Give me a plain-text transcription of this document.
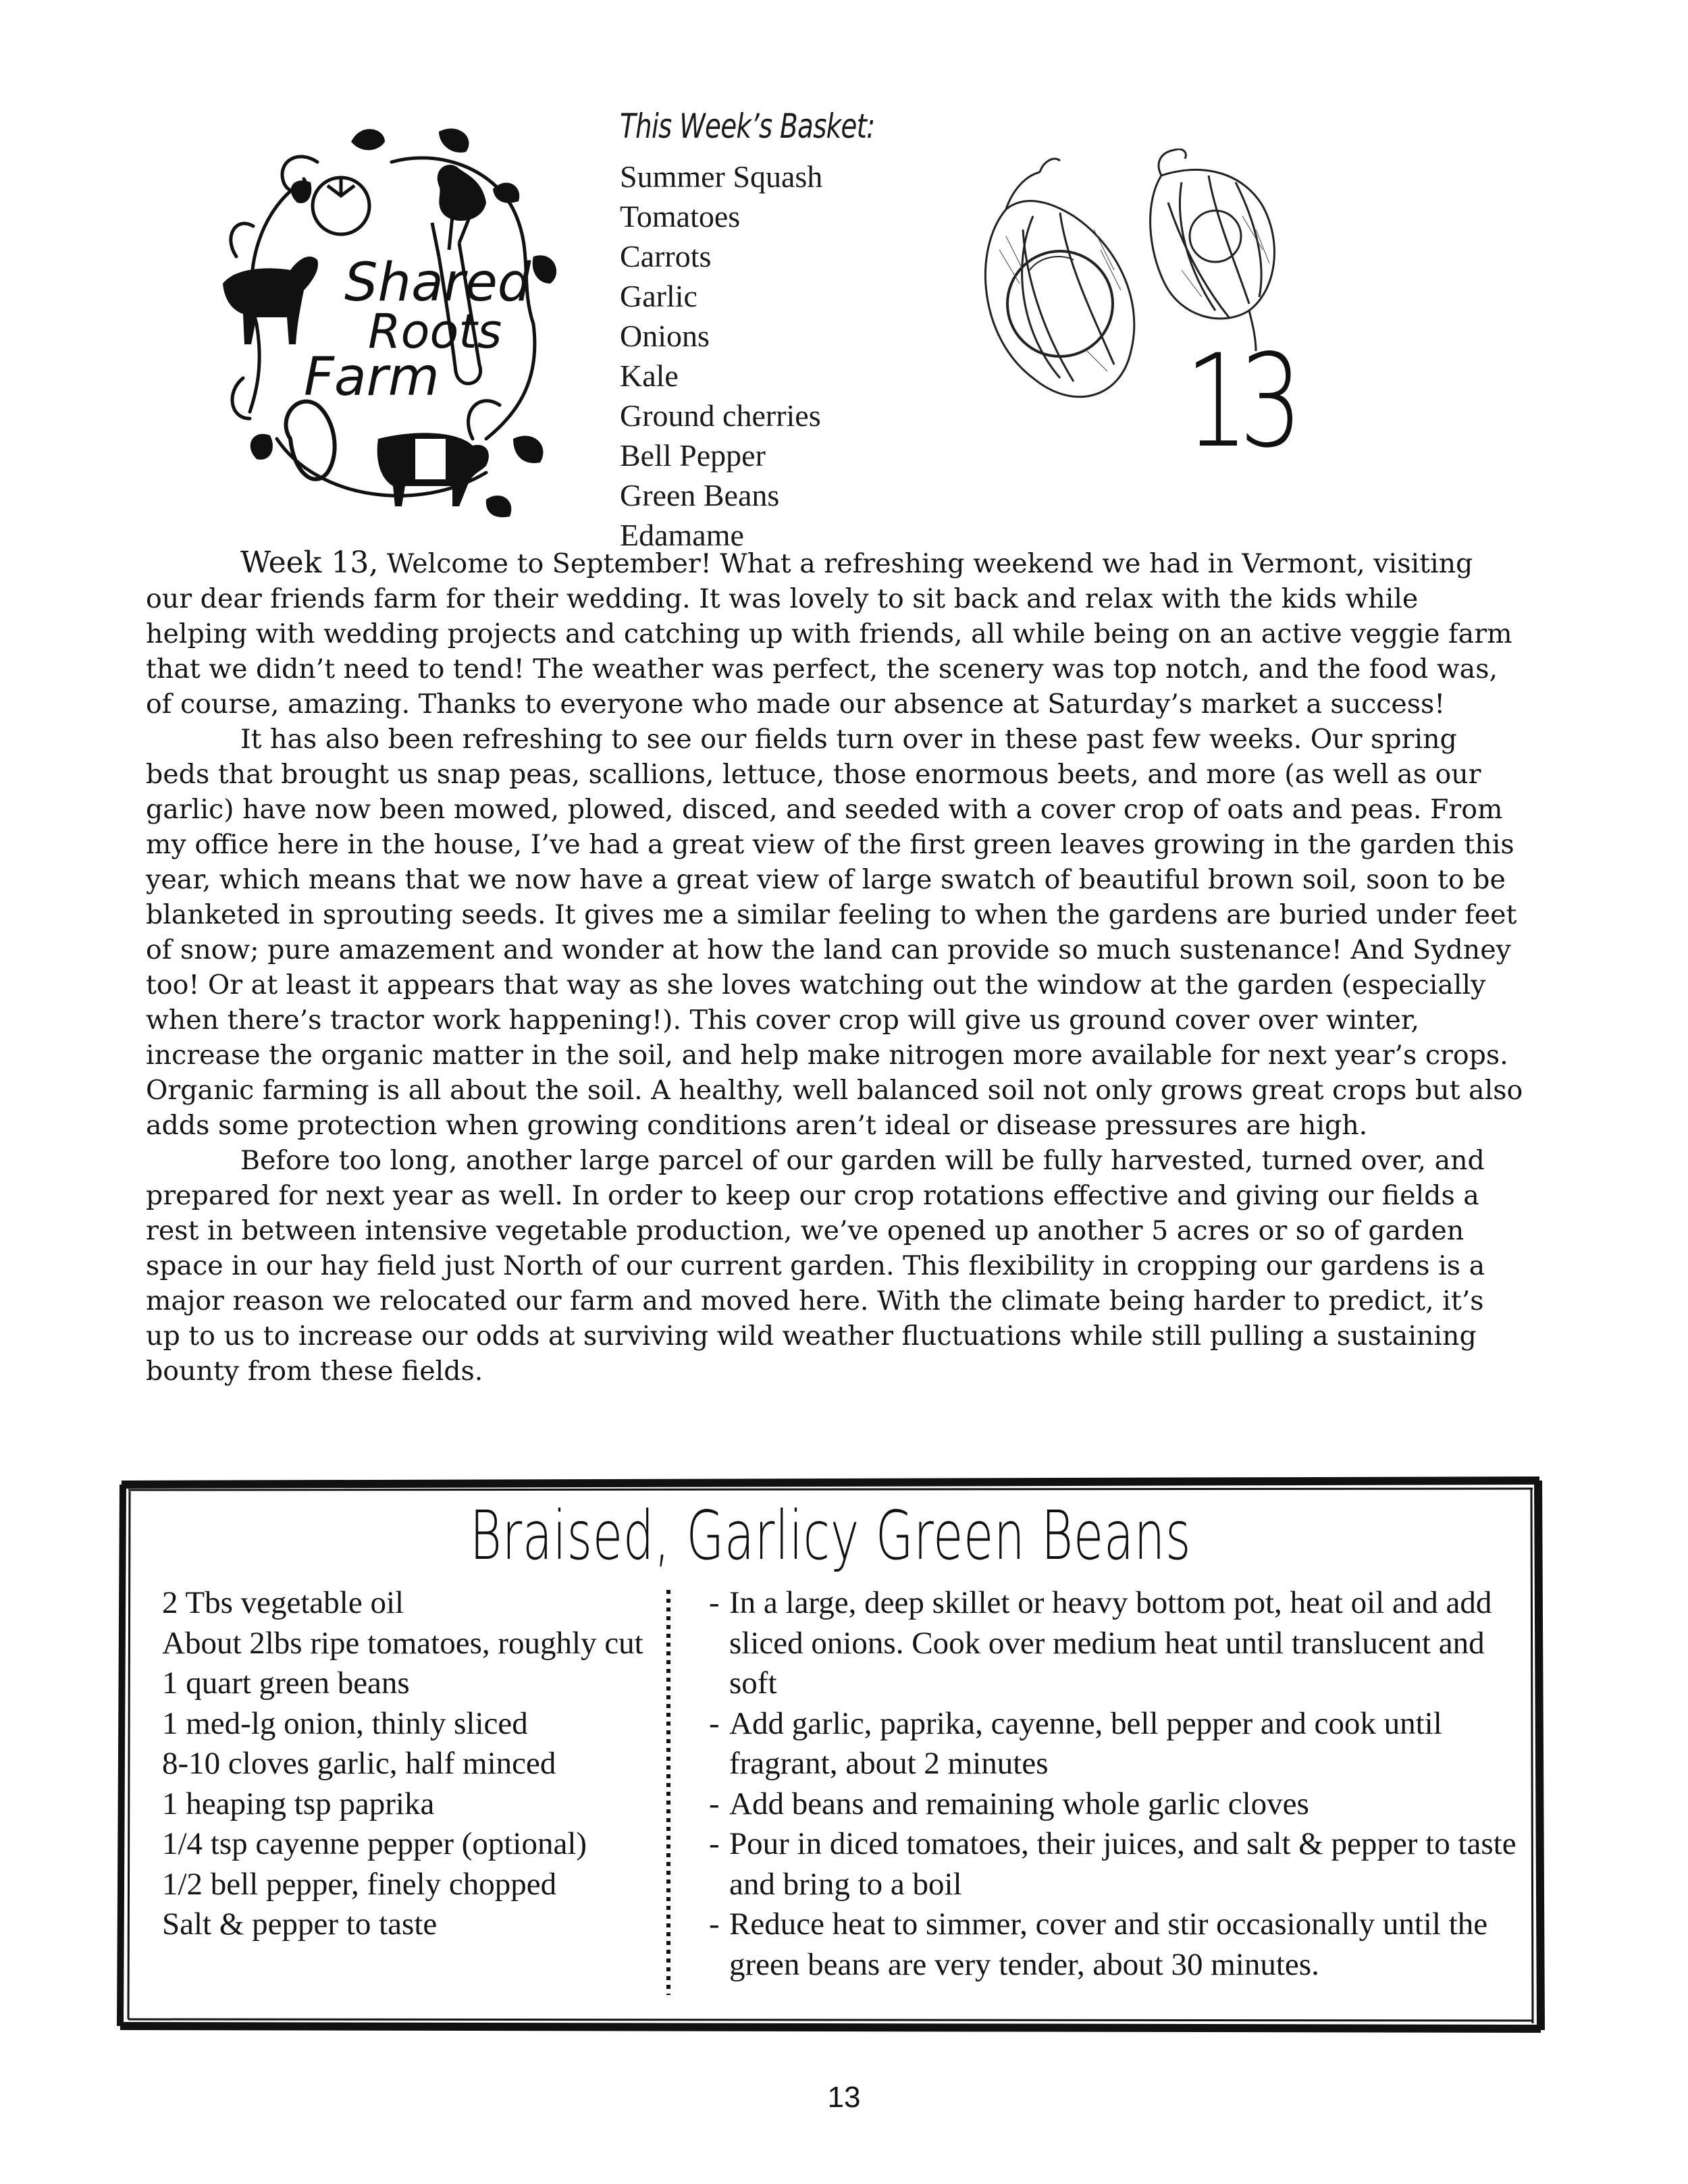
Shared
Roots
Farm
This Week’s Basket:
Summer Squash
Tomatoes
Carrots
Garlic
Onions
Kale
Ground cherries
Bell Pepper
Green Beans
Edamame
13

Week 13, Welcome to September! What a refreshing weekend we had in Vermont, visiting our dear friends farm for their wedding. It was lovely to sit back and relax with the kids while helping with wedding projects and catching up with friends, all while being on an active veggie farm that we didn’t need to tend! The weather was perfect, the scenery was top notch, and the food was, of course, amazing. Thanks to everyone who made our absence at Saturday’s market a success!

It has also been refreshing to see our fields turn over in these past few weeks. Our spring beds that brought us snap peas, scallions, lettuce, those enormous beets, and more (as well as our garlic) have now been mowed, plowed, disced, and seeded with a cover crop of oats and peas. From my office here in the house, I’ve had a great view of the first green leaves growing in the garden this year, which means that we now have a great view of large swatch of beautiful brown soil, soon to be blanketed in sprouting seeds. It gives me a similar feeling to when the gardens are buried under feet of snow; pure amazement and wonder at how the land can provide so much sustenance! And Sydney too! Or at least it appears that way as she loves watching out the window at the garden (especially when there’s tractor work happening!). This cover crop will give us ground cover over winter, increase the organic matter in the soil, and help make nitrogen more available for next year’s crops. Organic farming is all about the soil. A healthy, well balanced soil not only grows great crops but also adds some protection when growing conditions aren’t ideal or disease pressures are high.

Before too long, another large parcel of our garden will be fully harvested, turned over, and prepared for next year as well. In order to keep our crop rotations effective and giving our fields a rest in between intensive vegetable production, we’ve opened up another 5 acres or so of garden space in our hay field just North of our current garden. This flexibility in cropping our gardens is a major reason we relocated our farm and moved here. With the climate being harder to predict, it’s up to us to increase our odds at surviving wild weather fluctuations while still pulling a sustaining bounty from these fields.

Braised, Garlicy Green Beans
2 Tbs vegetable oil
About 2lbs ripe tomatoes, roughly cut
1 quart green beans
1 med-lg onion, thinly sliced
8-10 cloves garlic, half minced
1 heaping tsp paprika
1/4 tsp cayenne pepper (optional)
1/2 bell pepper, finely chopped
Salt & pepper to taste
- In a large, deep skillet or heavy bottom pot, heat oil and add sliced onions. Cook over medium heat until translucent and soft
- Add garlic, paprika, cayenne, bell pepper and cook until fragrant, about 2 minutes
- Add beans and remaining whole garlic cloves
- Pour in diced tomatoes, their juices, and salt & pepper to taste and bring to a boil
- Reduce heat to simmer, cover and stir occasionally until the green beans are very tender, about 30 minutes.
13
